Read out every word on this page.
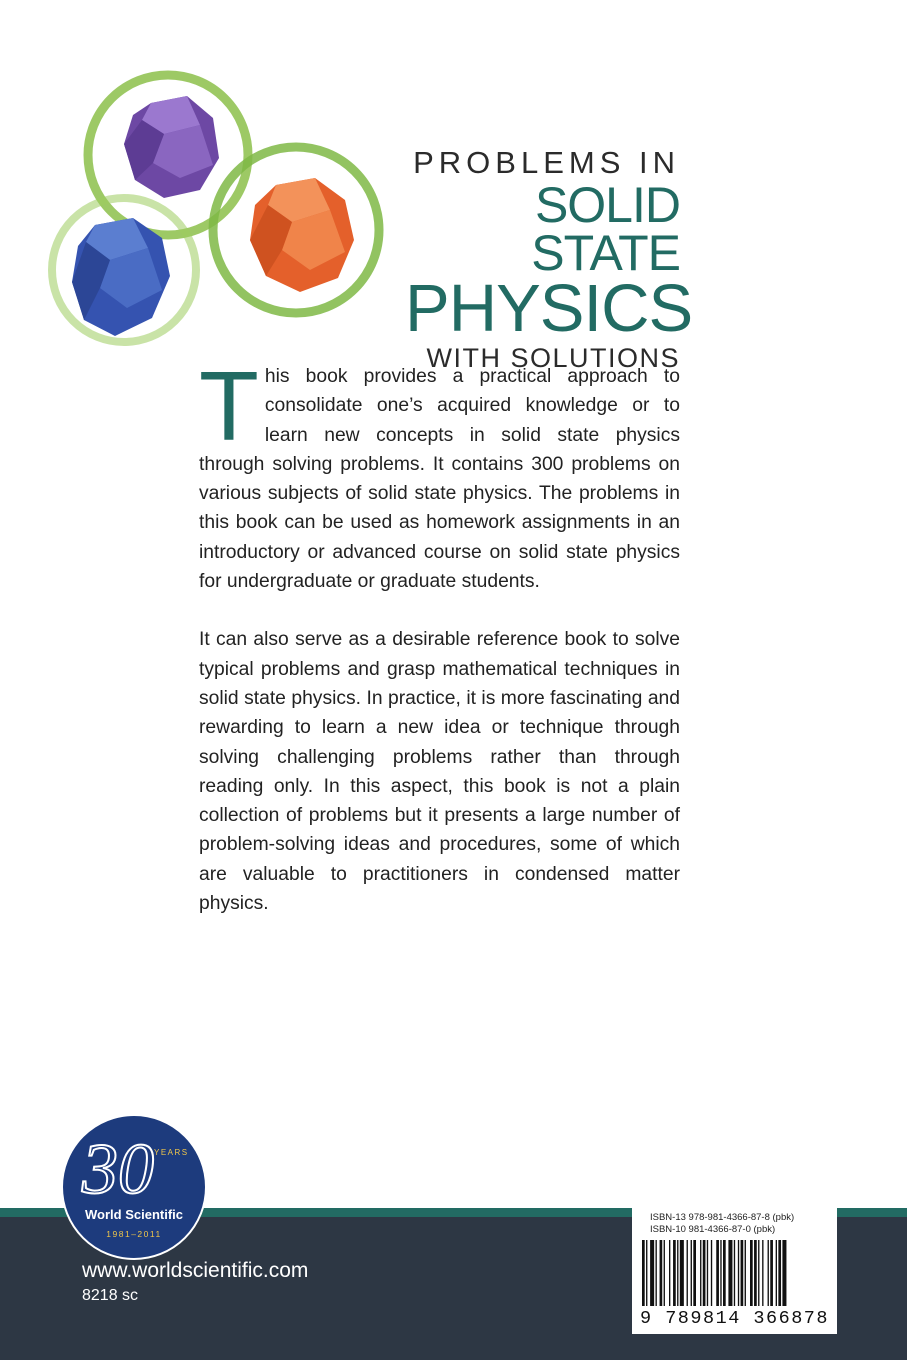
PROBLEMS IN
SOLID STATE
PHYSICS
WITH SOLUTIONS

This book provides a practical approach to consolidate one’s acquired knowledge or to learn new concepts in solid state physics through solving problems. It contains 300 problems on various subjects of solid state physics. The problems in this book can be used as homework assignments in an introductory or advanced course on solid state physics for undergraduate or graduate students.

It can also serve as a desirable reference book to solve typical problems and grasp mathematical techniques in solid state physics. In practice, it is more fascinating and rewarding to learn a new idea or technique through solving challenging problems rather than through reading only. In this aspect, this book is not a plain collection of problems but it presents a large number of problem-solving ideas and procedures, some of which are valuable to practitioners in condensed matter physics.

30 YEARS
World Scientific
1981–2011
www.worldscientific.com
8218 sc
ISBN-13 978-981-4366-87-8 (pbk)
ISBN-10 981-4366-87-0 (pbk)
9 789814 366878
